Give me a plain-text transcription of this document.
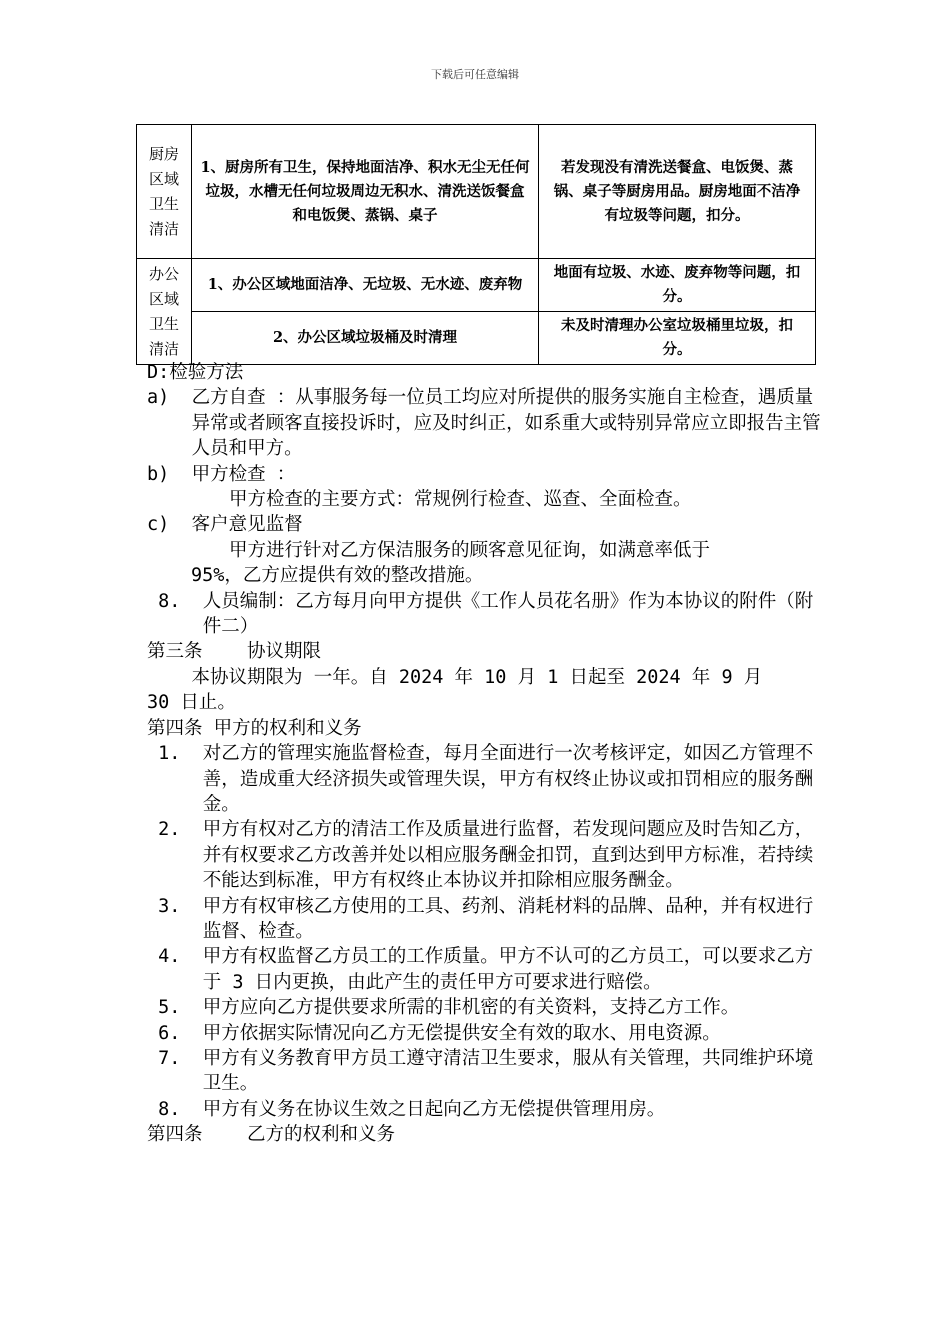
下载后可任意编辑
厨房区域卫生清洁	1、厨房所有卫生，保持地面洁净、积水无尘无任何垃圾，水槽无任何垃圾周边无积水、清洗送饭餐盒和电饭煲、蒸锅、桌子	若发现没有清洗送餐盒、电饭煲、蒸锅、桌子等厨房用品。厨房地面不洁净有垃圾等问题，扣分。
办公区域卫生清洁	1、办公区域地面洁净、无垃圾、无水迹、废弃物	地面有垃圾、水迹、废弃物等问题，扣分。
	2、办公区域垃圾桶及时清理	未及时清理办公室垃圾桶里垃圾，扣分。
D:检验方法
a) 乙方自查 ：从事服务每一位员工均应对所提供的服务实施自主检查，遇质量异常或者顾客直接投诉时，应及时纠正，如系重大或特别异常应立即报告主管人员和甲方。
b) 甲方检查 ：
甲方检查的主要方式：常规例行检查、巡查、全面检查。
c) 客户意见监督
甲方进行针对乙方保洁服务的顾客意见征询，如满意率低于
95%，乙方应提供有效的整改措施。
8. 人员编制：乙方每月向甲方提供《工作人员花名册》作为本协议的附件（附件二）
第三条    协议期限
本协议期限为 一年。自 2024 年 10 月 1 日起至 2024 年 9 月
30 日止。
第四条 甲方的权利和义务
1. 对乙方的管理实施监督检查，每月全面进行一次考核评定，如因乙方管理不善，造成重大经济损失或管理失误，甲方有权终止协议或扣罚相应的服务酬金。
2. 甲方有权对乙方的清洁工作及质量进行监督，若发现问题应及时告知乙方，并有权要求乙方改善并处以相应服务酬金扣罚，直到达到甲方标准，若持续不能达到标准，甲方有权终止本协议并扣除相应服务酬金。
3. 甲方有权审核乙方使用的工具、药剂、消耗材料的品牌、品种，并有权进行监督、检查。
4. 甲方有权监督乙方员工的工作质量。甲方不认可的乙方员工，可以要求乙方于 3 日内更换，由此产生的责任甲方可要求进行赔偿。
5. 甲方应向乙方提供要求所需的非机密的有关资料，支持乙方工作。
6. 甲方依据实际情况向乙方无偿提供安全有效的取水、用电资源。
7. 甲方有义务教育甲方员工遵守清洁卫生要求，服从有关管理，共同维护环境卫生。
8. 甲方有义务在协议生效之日起向乙方无偿提供管理用房。
第四条    乙方的权利和义务
